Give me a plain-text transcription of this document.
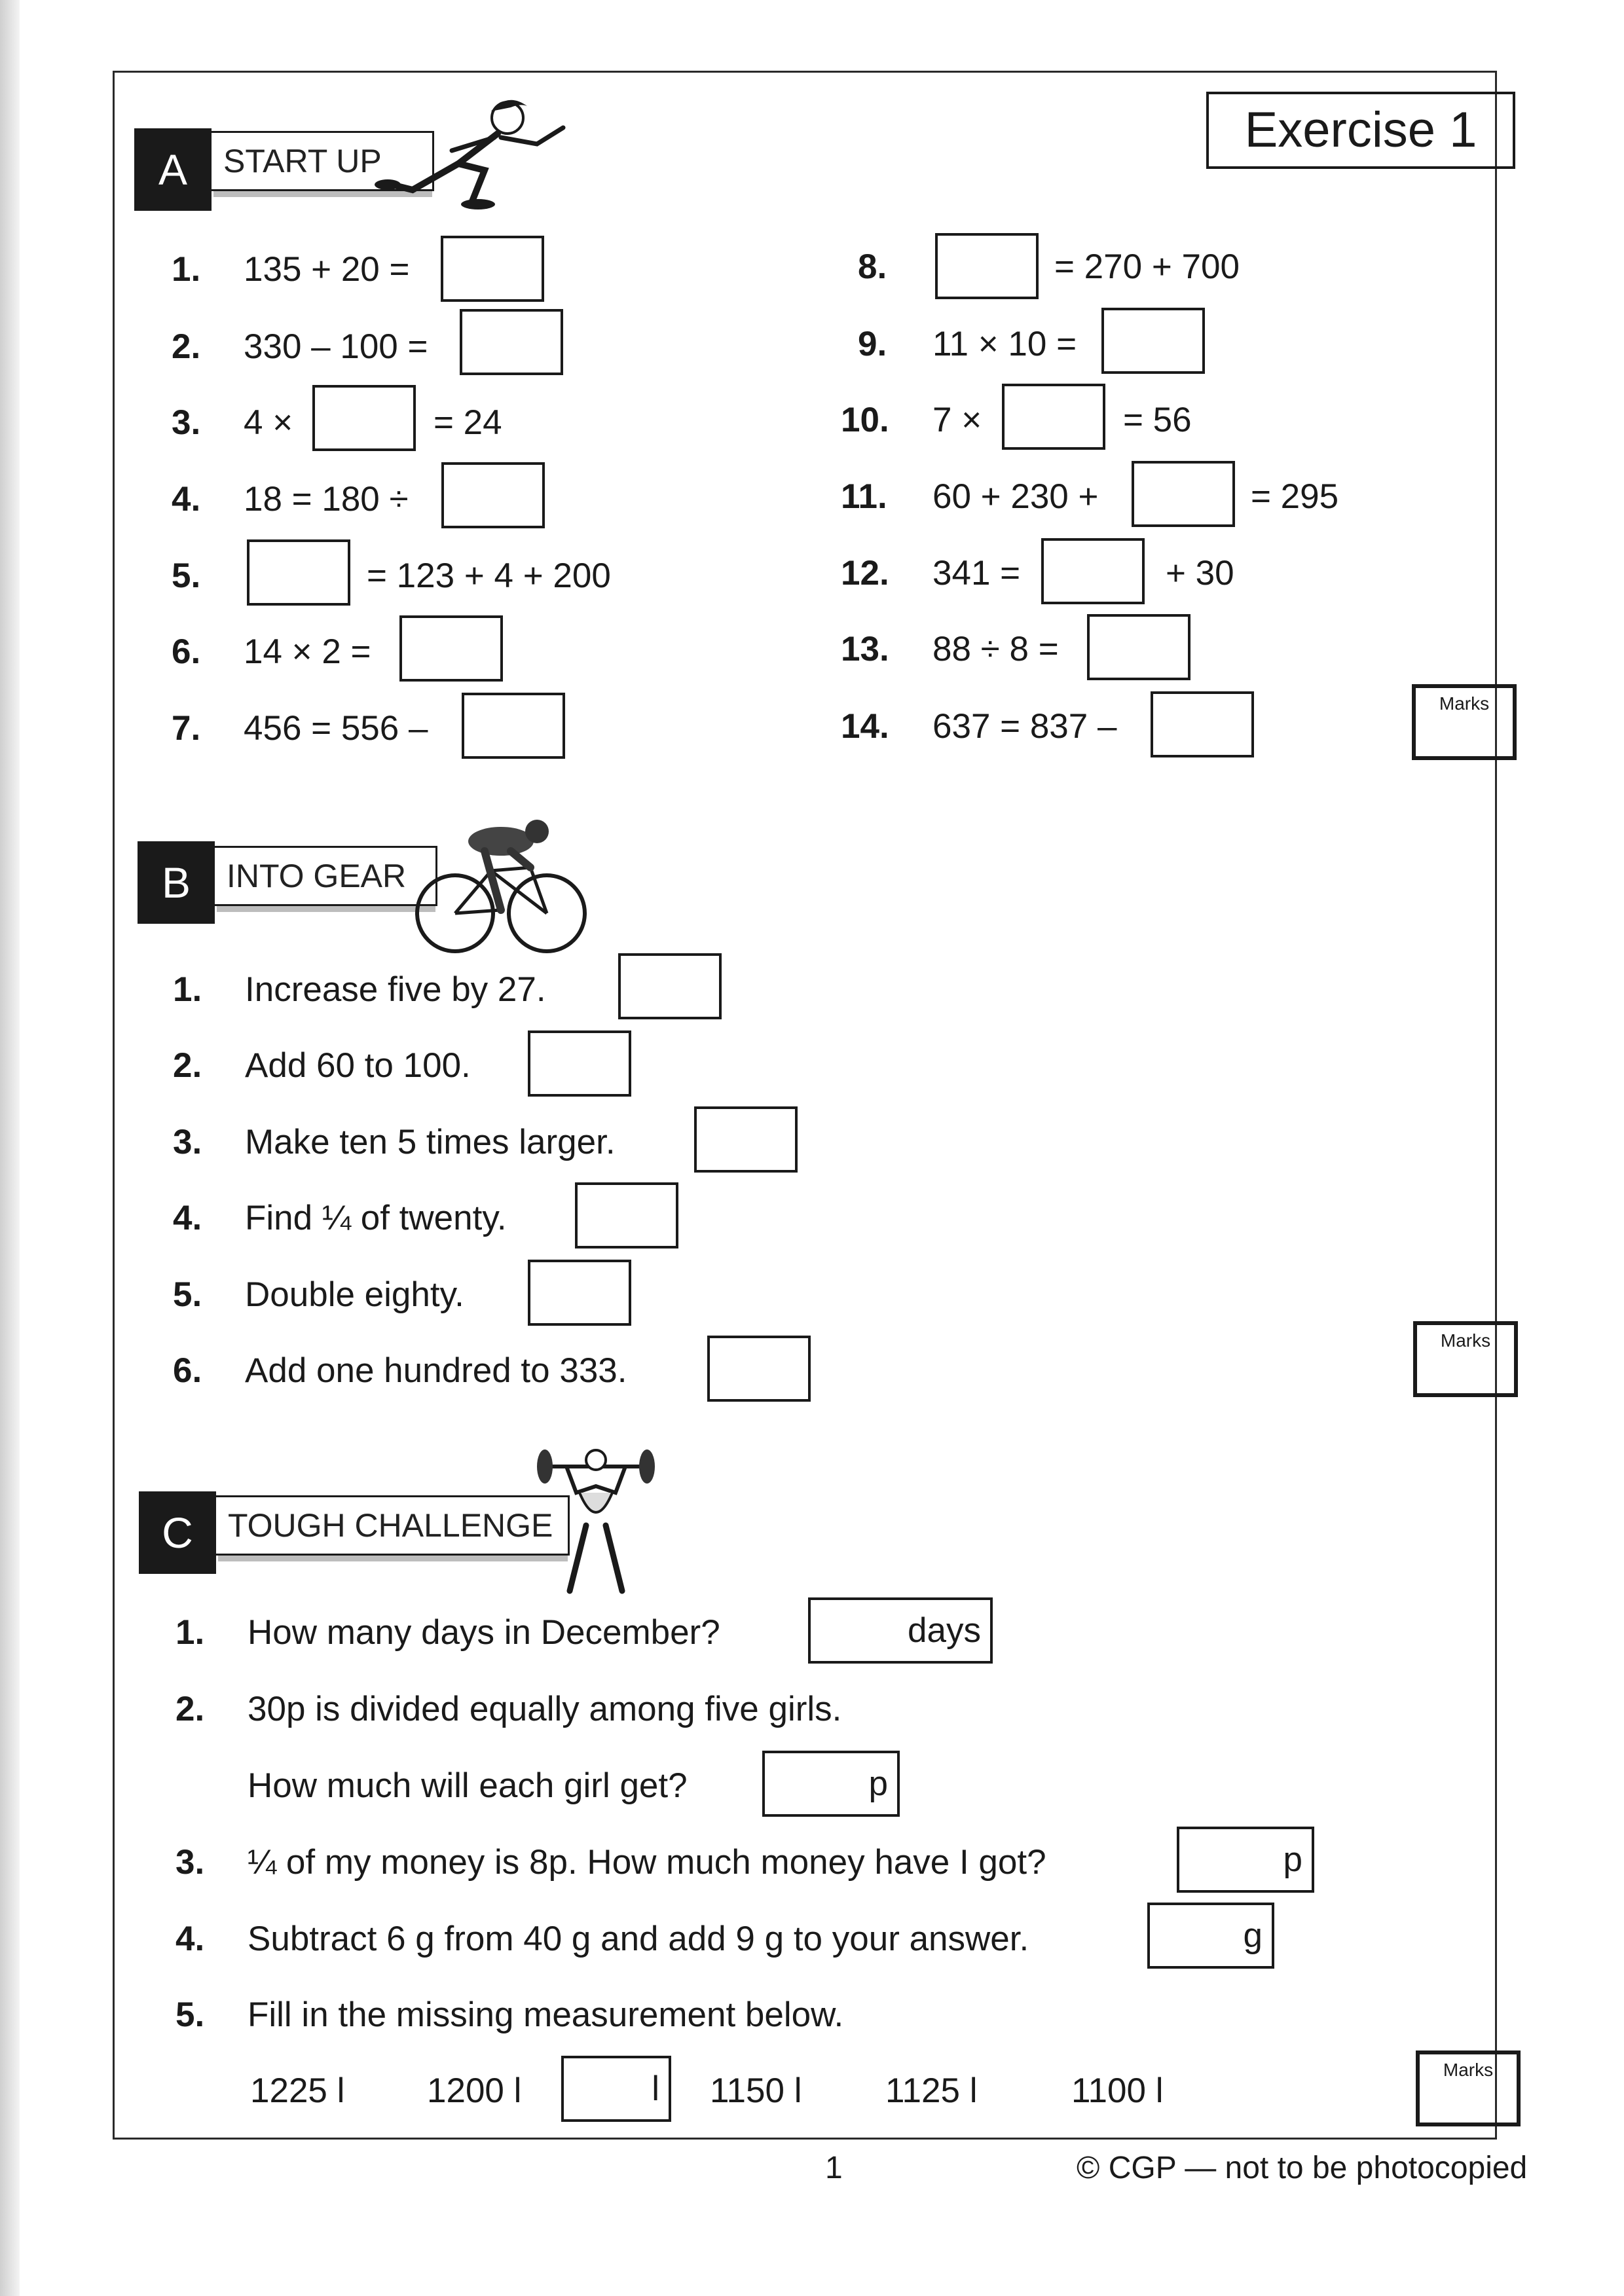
Exercise 1
A	START UP
1. 135 + 20 =
2. 330 – 100 =
3. 4 ×	= 24
4. 18 = 180 ÷
5.	= 123 + 4 + 200
6. 14 × 2 =
7. 456 = 556 –
8.	= 270 + 700
9. 11 × 10 =
10. 7 ×	= 56
11. 60 + 230 +	= 295
12. 341 =	+ 30
13. 88 ÷ 8 =
14. 637 = 837 –
Marks
B	INTO GEAR
1. Increase five by 27.
2. Add 60 to 100.
3. Make ten 5 times larger.
4. Find ¼ of twenty.
5. Double eighty.
6. Add one hundred to 333.
Marks
C	TOUGH CHALLENGE
1. How many days in December?	days
2. 30p is divided equally among five girls.
How much will each girl get?	p
3. ¼ of my money is 8p. How much money have I got?	p
4. Subtract 6 g from 40 g and add 9 g to your answer.	g
5. Fill in the missing measurement below.
1225 l 1200 l	l	1150 l 1125 l	1100 l
Marks
1	© CGP — not to be photocopied
